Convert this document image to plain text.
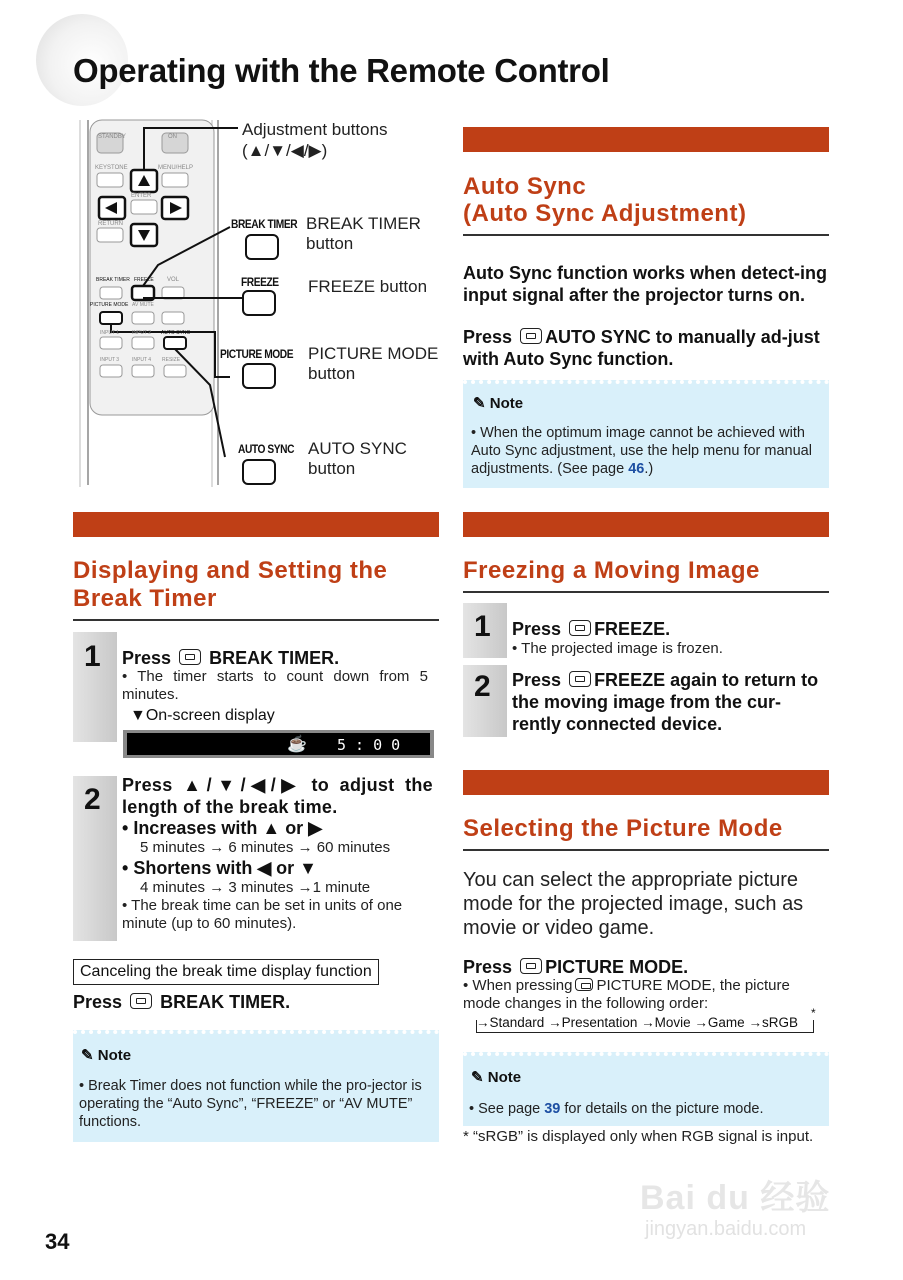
Operating with the Remote Control
STANDBY	ON
KEYSTONE	MENU/HELP
ENTER
RETURN
BREAK TIMER FREEZE VOL
PICTURE MODE AV MUTE
INPUT 1	INPUT 2 AUTO SYNC
INPUT 3	INPUT 4 RESIZE
BREAK TIMER
FREEZE
PICTURE MODE
AUTO SYNC
Adjustment buttons
(▲/▼/◀/▶)
BREAK TIMER
button
FREEZE button
PICTURE MODE
button
AUTO SYNC
button
Auto Sync
(Auto Sync Adjustment)
Auto Sync function works when detect-ing input signal after the projector turns on.
Press AUTO SYNC to manually ad-just with Auto Sync function.
✎ Note
• When the optimum image cannot be achieved with Auto Sync adjustment, use the help menu for manual adjustments. (See page 46.)
Displaying and Setting the
Break Timer
1 Press BREAK TIMER.
• The timer starts to count down from 5 minutes.
▼On-screen display
☕ 5 : 0 0
2 Press ▲/▼/◀/▶ to adjust the length of the break time.
• Increases with ▲ or ▶
5 minutes → 6 minutes → 60 minutes
• Shortens with ◀ or ▼
4 minutes → 3 minutes →1 minute
• The break time can be set in units of one minute (up to 60 minutes).
Canceling the break time display function
Press BREAK TIMER.
✎ Note
• Break Timer does not function while the pro-jector is operating the “Auto Sync”, “FREEZE” or “AV MUTE” functions.
Freezing a Moving Image
1 Press FREEZE.
• The projected image is frozen.
2 Press FREEZE again to return to the moving image from the cur-rently connected device.
Selecting the Picture Mode
You can select the appropriate picture mode for the projected image, such as movie or video game.
Press PICTURE MODE.
• When pressing PICTURE MODE, the picture mode changes in the following order:
→Standard →Presentation →Movie →Game →sRGB
*
✎ Note
• See page 39 for details on the picture mode.
* “sRGB” is displayed only when RGB signal is input.
34
Bai du 经验
jingyan.baidu.com
